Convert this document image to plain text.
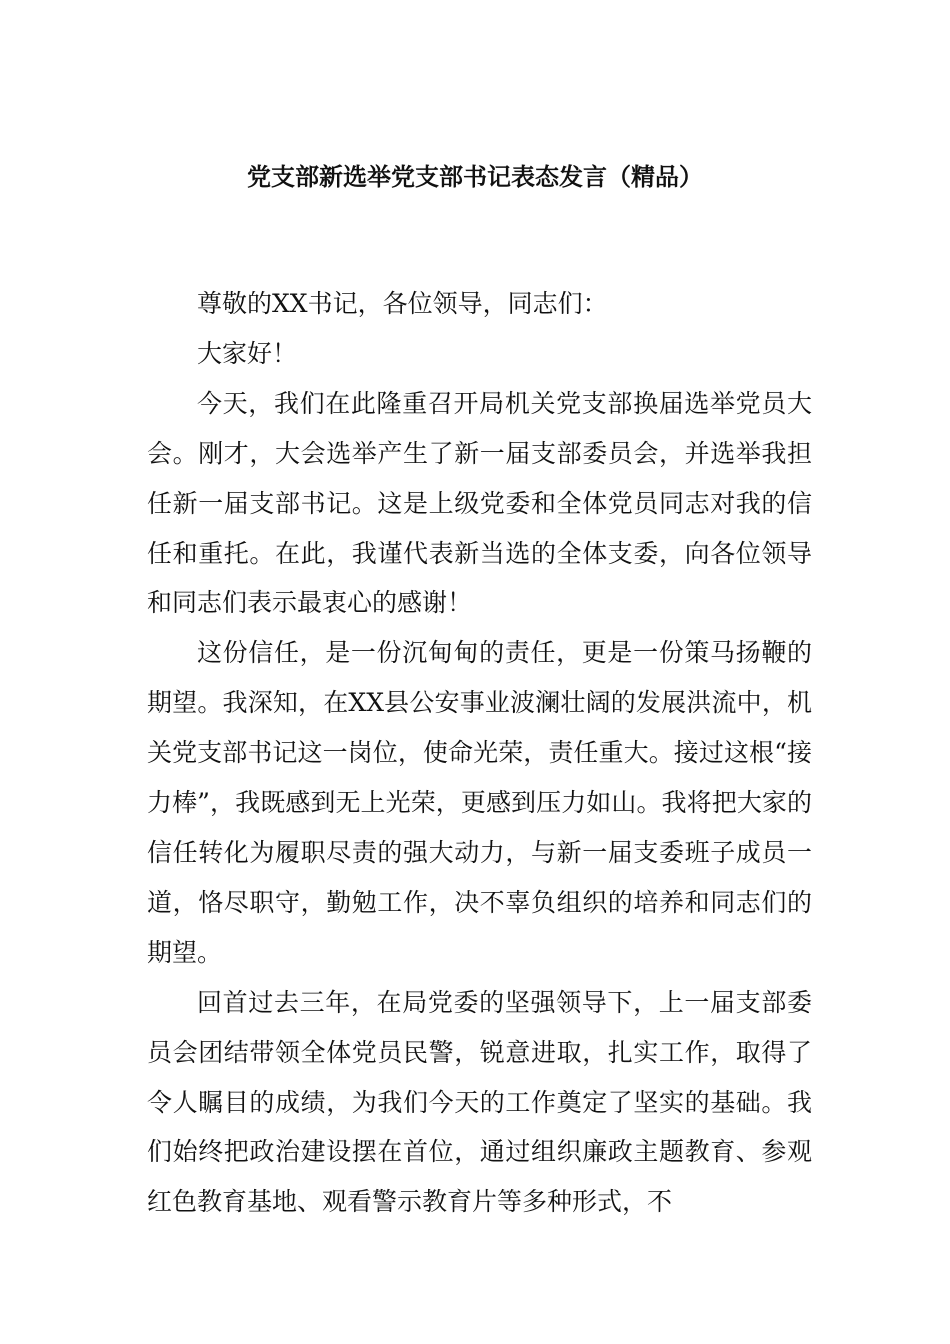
党支部新选举党支部书记表态发言（精品）

尊敬的XX书记，各位领导，同志们：

大家好！

今天，我们在此隆重召开局机关党支部换届选举党员大会。刚才，大会选举产生了新一届支部委员会，并选举我担任新一届支部书记。这是上级党委和全体党员同志对我的信任和重托。在此，我谨代表新当选的全体支委，向各位领导和同志们表示最衷心的感谢！

这份信任，是一份沉甸甸的责任，更是一份策马扬鞭的期望。我深知，在XX县公安事业波澜壮阔的发展洪流中，机关党支部书记这一岗位，使命光荣，责任重大。接过这根“接力棒”，我既感到无上光荣，更感到压力如山。我将把大家的信任转化为履职尽责的强大动力，与新一届支委班子成员一道，恪尽职守，勤勉工作，决不辜负组织的培养和同志们的期望。

回首过去三年，在局党委的坚强领导下，上一届支部委员会团结带领全体党员民警，锐意进取，扎实工作，取得了令人瞩目的成绩，为我们今天的工作奠定了坚实的基础。我们始终把政治建设摆在首位，通过组织廉政主题教育、参观红色教育基地、观看警示教育片等多种形式，不
